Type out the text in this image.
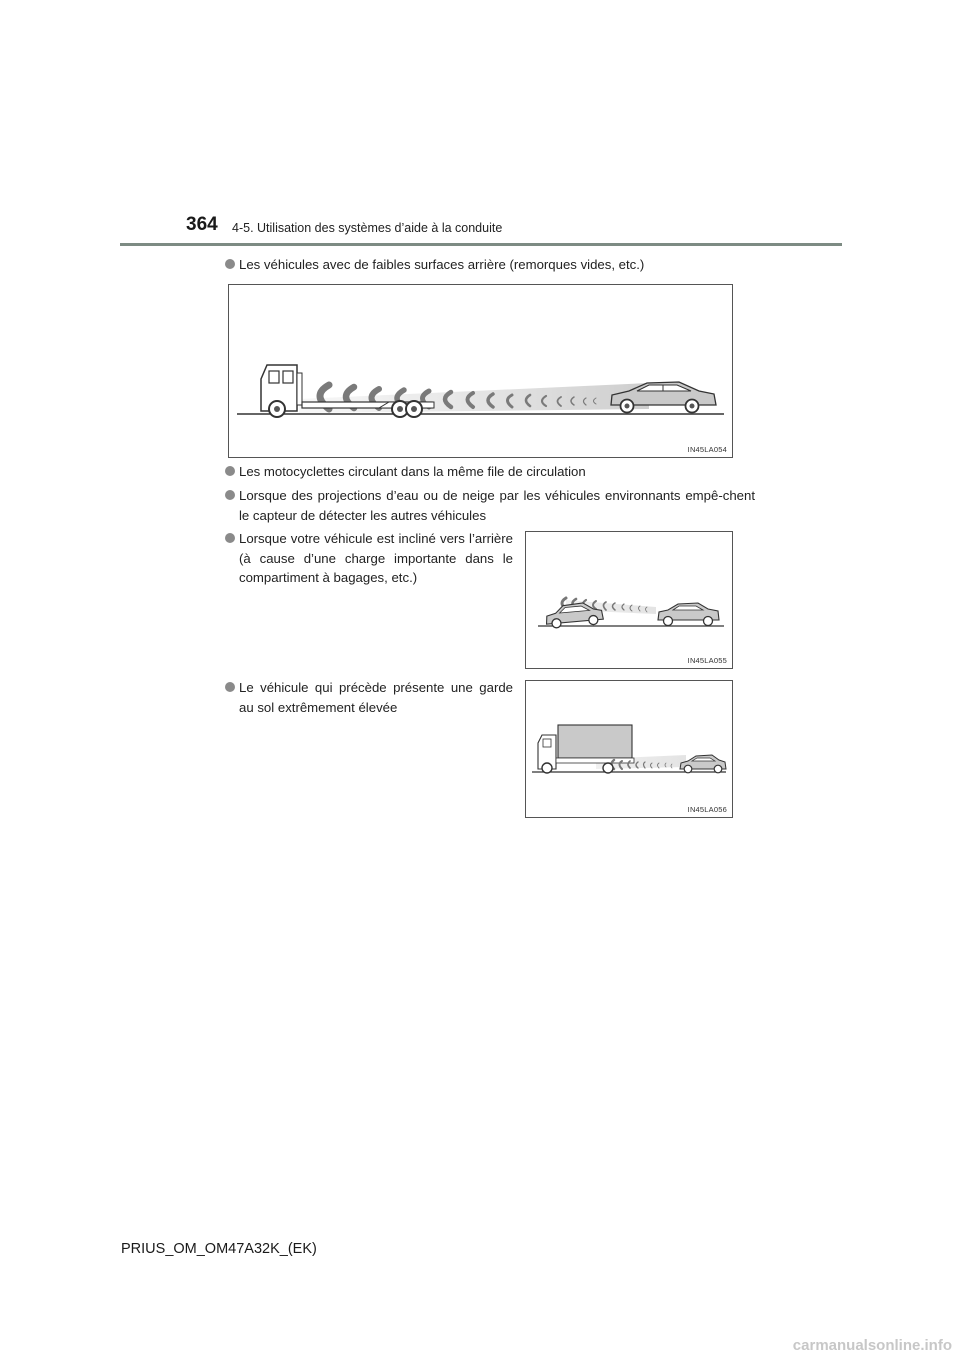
364 4-5. Utilisation des systèmes d’aide à la conduite
Les véhicules avec de faibles surfaces arrière (remorques vides, etc.)
IN45LA054
Les motocyclettes circulant dans la même file de circulation
Lorsque des projections d’eau ou de neige par les véhicules environnants empê-chent le capteur de détecter les autres véhicules
Lorsque votre véhicule est incliné vers l’arrière (à cause d’une charge importante dans le compartiment à bagages, etc.)
IN45LA055
Le véhicule qui précède présente une garde au sol extrêmement élevée
IN45LA056
PRIUS_OM_OM47A32K_(EK)
carmanualsonline.info
